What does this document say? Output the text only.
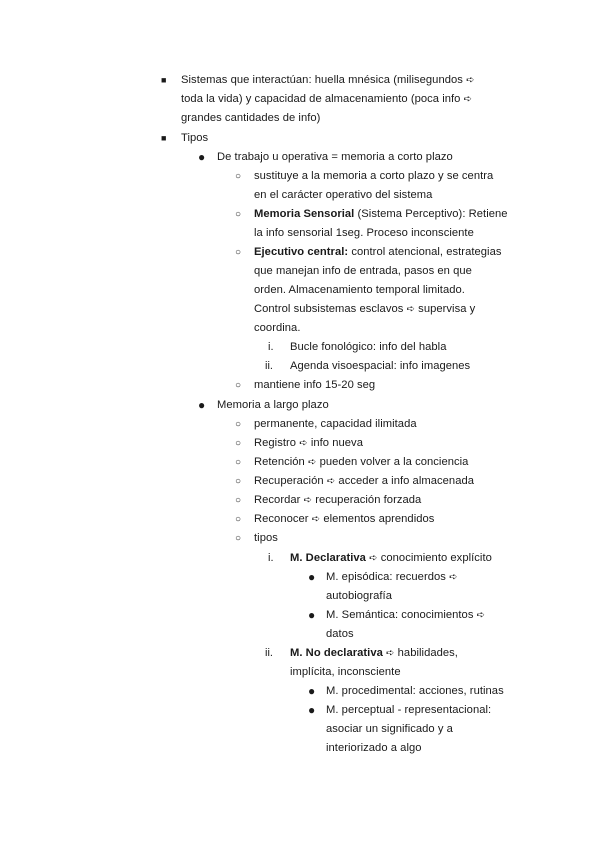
■ Sistemas que interactúan: huella mnésica (milisegundos ➪
toda la vida) y capacidad de almacenamiento (poca info ➪
grandes cantidades de info)
■ Tipos
● De trabajo u operativa = memoria a corto plazo
○ sustituye a la memoria a corto plazo y se centra
en el carácter operativo del sistema
○ Memoria Sensorial (Sistema Perceptivo): Retiene
la info sensorial 1seg. Proceso inconsciente
○ Ejecutivo central: control atencional, estrategias
que manejan info de entrada, pasos en que
orden. Almacenamiento temporal limitado.
Control subsistemas esclavos ➪ supervisa y
coordina.
i. Bucle fonológico: info del habla
ii. Agenda visoespacial: info imagenes
○ mantiene info 15-20 seg
● Memoria a largo plazo
○ permanente, capacidad ilimitada
○ Registro ➪ info nueva
○ Retención ➪ pueden volver a la conciencia
○ Recuperación ➪ acceder a info almacenada
○ Recordar ➪ recuperación forzada
○ Reconocer ➪ elementos aprendidos
○ tipos
i. M. Declarativa ➪ conocimiento explícito
● M. episódica: recuerdos ➪
autobiografía
● M. Semántica: conocimientos ➪
datos
ii. M. No declarativa ➪ habilidades,
implícita, inconsciente
● M. procedimental: acciones, rutinas
● M. perceptual - representacional:
asociar un significado y a
interiorizado a algo
